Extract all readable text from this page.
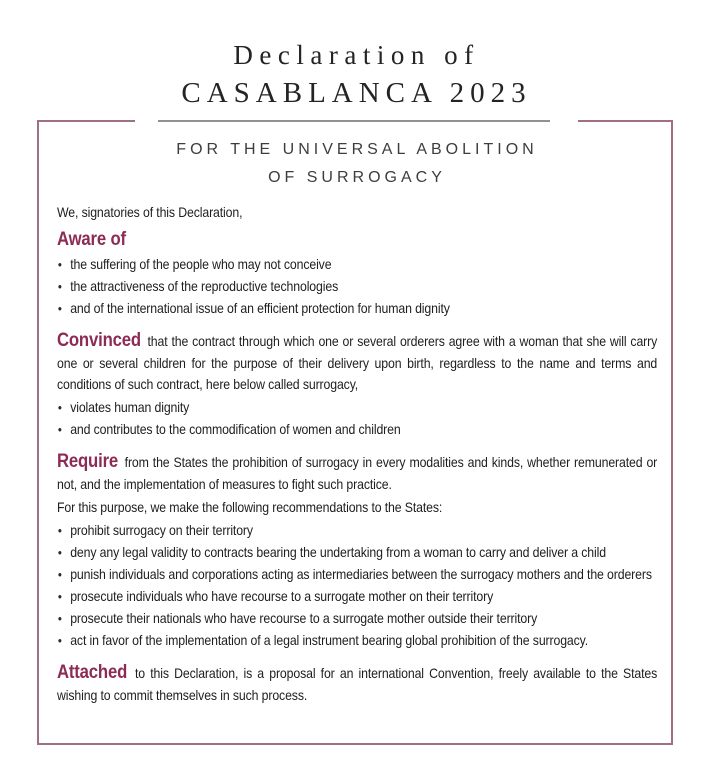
FOR THE UNIVERSAL ABOLITION
OF SURROGACY

We, signatories of this Declaration,

Aware of

• the suffering of the people who may not conceive
• the attractiveness of the reproductive technologies
• and of the international issue of an efficient protection for human dignity

Convinced that the contract through which one or several orderers agree with a woman that she will carry one or several children for the purpose of their delivery upon birth, regardless to the name and terms and conditions of such contract, here below called surrogacy,

• violates human dignity
• and contributes to the commodification of women and children

Require from the States the prohibition of surrogacy in every modalities and kinds, whether remunerated or not, and the implementation of measures to fight such practice.

For this purpose, we make the following recommendations to the States:

• prohibit surrogacy on their territory
• deny any legal validity to contracts bearing the undertaking from a woman to carry and deliver a child
• punish individuals and corporations acting as intermediaries between the surrogacy mothers and the orderers
• prosecute individuals who have recourse to a surrogate mother on their territory
• prosecute their nationals who have recourse to a surrogate mother outside their territory
• act in favor of the implementation of a legal instrument bearing global prohibition of the surrogacy.

Attached to this Declaration, is a proposal for an international Convention, freely available to the States wishing to commit themselves in such process.

Declaration of
CASABLANCA 2023
